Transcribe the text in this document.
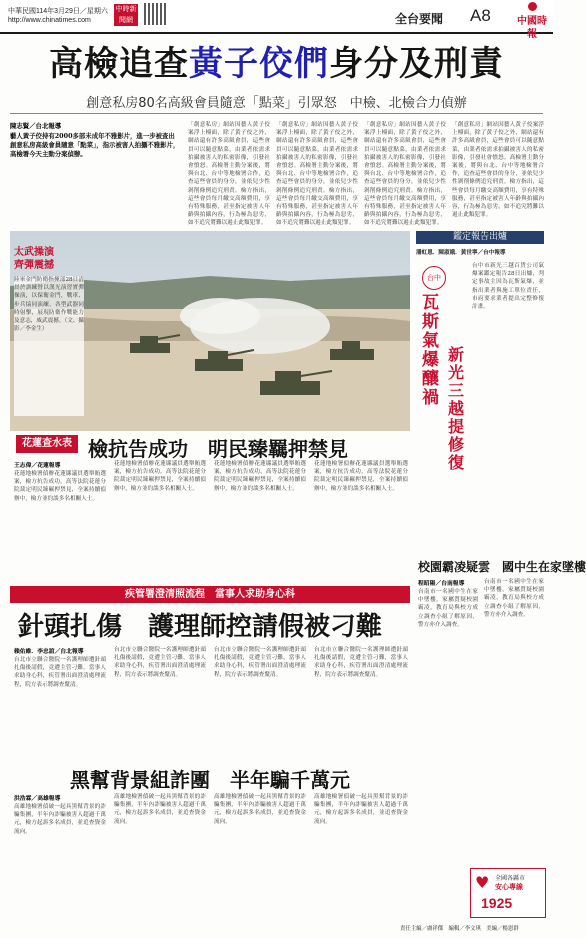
中華民國114年3月29日／星期六
http://www.chinatimes.com
中時新聞網	全台要聞 A8	中國時報
高檢追查黃子佼們身分及刑責
創意私房80名高級會員隨意「點菜」引眾怒　中檢、北檢合力偵辦
陳志賢／台北報導
藝人黃子佼持有2000多部未成年不雅影片，進一步被查出創意私房高級會員隨意「點菜」，指示被害人拍攝不雅影片，高檢署今天主動分案偵辦。
「創意私房」網站因藝人黃子佼案浮上檯面，除了黃子佼之外，網站還有許多高級會員，這些會員可以隨意點菜，由業者依需求拍攝被害人的私密影像，引發社會憤怒。高檢署主動分案後，將與台北、台中等地檢署合作，追查這些會員的身分，並依兒少性剝削條例追究刑責。檢方指出，這些會員每月繳交高額費用，享有特殊服務，甚至指定被害人年齡與拍攝內容，行為極為惡劣，如不追究將難以遏止此類犯罪。
「創意私房」網站因藝人黃子佼案浮上檯面，除了黃子佼之外，網站還有許多高級會員，這些會員可以隨意點菜，由業者依需求拍攝被害人的私密影像，引發社會憤怒。高檢署主動分案後，將與台北、台中等地檢署合作，追查這些會員的身分，並依兒少性剝削條例追究刑責。檢方指出，這些會員每月繳交高額費用，享有特殊服務，甚至指定被害人年齡與拍攝內容，行為極為惡劣，如不追究將難以遏止此類犯罪。
「創意私房」網站因藝人黃子佼案浮上檯面，除了黃子佼之外，網站還有許多高級會員，這些會員可以隨意點菜，由業者依需求拍攝被害人的私密影像，引發社會憤怒。高檢署主動分案後，將與台北、台中等地檢署合作，追查這些會員的身分，並依兒少性剝削條例追究刑責。檢方指出，這些會員每月繳交高額費用，享有特殊服務，甚至指定被害人年齡與拍攝內容，行為極為惡劣，如不追究將難以遏止此類犯罪。
「創意私房」網站因藝人黃子佼案浮上檯面，除了黃子佼之外，網站還有許多高級會員，這些會員可以隨意點菜，由業者依需求拍攝被害人的私密影像，引發社會憤怒。高檢署主動分案後，將與台北、台中等地檢署合作，追查這些會員的身分，並依兒少性剝削條例追究刑責。檢方指出，這些會員每月繳交高額費用，享有特殊服務，甚至指定被害人年齡與拍攝內容，行為極為惡劣，如不追究將難以遏止此類犯罪。
太武操演
齊彈震撼
陸軍金門防衛指揮部28日清晨於訓練營以漢光演習實彈操演，以保衛金門，戰車、步兵協同演練，各型武器同時射擊，展現防衛作戰能力及意志，威武震撼。（文、攝影／李金生）
鑑定報告出爐
潘虹恩．陳淑娥．黃世寧／台中報導
台中
瓦斯氣爆釀禍
新光三越提修復
台中市新光三越百貨公司氣爆案鑑定報告28日出爐，判定事故主因為瓦斯氣爆，並指出業者與施工單位責任，市府要求業者提出完整修復計畫。
花蓮查水表 檢抗告成功　明民臻羈押禁見
王志偉／花蓮報導
花蓮地檢署偵辦花蓮縣議員選舉賄選案，檢方抗告成功，高等法院花蓮分院裁定明民臻羈押禁見，全案持續偵辦中，檢方並約談多名相關人士。
花蓮地檢署偵辦花蓮縣議員選舉賄選案，檢方抗告成功，高等法院花蓮分院裁定明民臻羈押禁見，全案持續偵辦中，檢方並約談多名相關人士。
花蓮地檢署偵辦花蓮縣議員選舉賄選案，檢方抗告成功，高等法院花蓮分院裁定明民臻羈押禁見，全案持續偵辦中，檢方並約談多名相關人士。
花蓮地檢署偵辦花蓮縣議員選舉賄選案，檢方抗告成功，高等法院花蓮分院裁定明民臻羈押禁見，全案持續偵辦中，檢方並約談多名相關人士。
疾管署澄清照流程　當事人求助身心科
針頭扎傷　護理師控請假被刁難
賴佑維．李忠誼／台北報導
台北市立聯合醫院一名護理師遭針頭扎傷後請假，竟遭主管刁難，當事人求助身心科，疾管署出面澄清處理流程，院方表示將調查釐清。
台北市立聯合醫院一名護理師遭針頭扎傷後請假，竟遭主管刁難，當事人求助身心科，疾管署出面澄清處理流程，院方表示將調查釐清。
台北市立聯合醫院一名護理師遭針頭扎傷後請假，竟遭主管刁難，當事人求助身心科，疾管署出面澄清處理流程，院方表示將調查釐清。
台北市立聯合醫院一名護理師遭針頭扎傷後請假，竟遭主管刁難，當事人求助身心科，疾管署出面澄清處理流程，院方表示將調查釐清。
黑幫背景組詐團　半年騙千萬元
洪浩霖／高雄報導
高雄地檢署偵破一起具黑幫背景的詐騙集團，半年內詐騙被害人超過千萬元，檢方起訴多名成員，並追查資金流向。
高雄地檢署偵破一起具黑幫背景的詐騙集團，半年內詐騙被害人超過千萬元，檢方起訴多名成員，並追查資金流向。
高雄地檢署偵破一起具黑幫背景的詐騙集團，半年內詐騙被害人超過千萬元，檢方起訴多名成員，並追查資金流向。
高雄地檢署偵破一起具黑幫背景的詐騙集團，半年內詐騙被害人超過千萬元，檢方起訴多名成員，並追查資金流向。
校園霸凌疑雲　國中生在家墜樓
程昭陽／台南報導
台南市一名國中生在家中墜樓，家屬質疑校園霸凌，教育局與校方成立調查小組了解原因，警方亦介入調查。
台南市一名國中生在家中墜樓，家屬質疑校園霸凌，教育局與校方成立調查小組了解原因，警方亦介入調查。
♥ 全國各縣市
安心專線
1925
責任主編／盧祥傑　編輯／李文琪　美編／楊恩群
